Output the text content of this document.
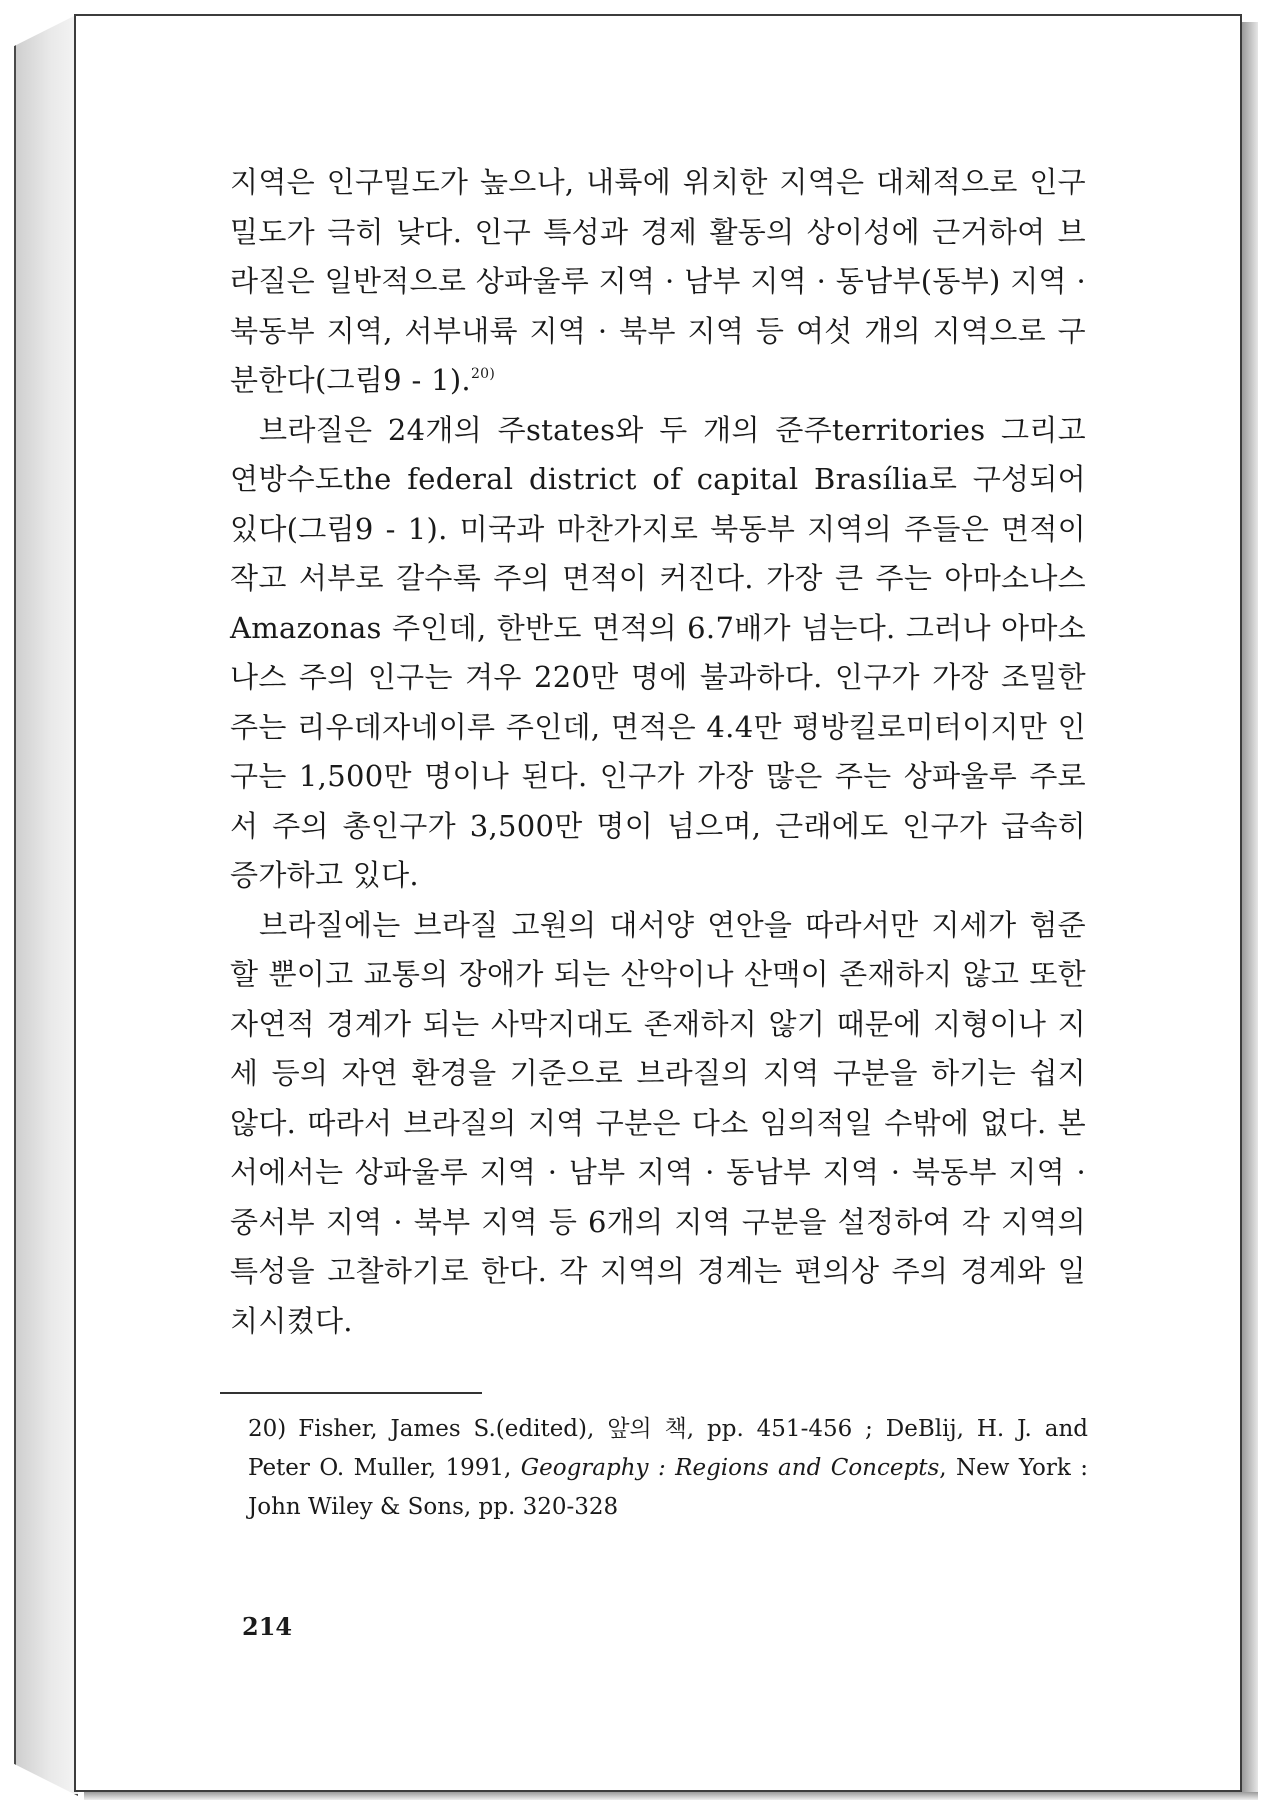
지역은 인구밀도가 높으나, 내륙에 위치한 지역은 대체적으로 인구밀도가 극히 낮다. 인구 특성과 경제 활동의 상이성에 근거하여 브라질은 일반적으로 상파울루 지역 · 남부 지역 · 동남부(동부) 지역 · 북동부 지역, 서부내륙 지역 · 북부 지역 등 여섯 개의 지역으로 구분한다(그림9 - 1).$^{20)}$

브라질은 24개의 주states와 두 개의 준주territories 그리고 연방수도the federal district of capital Brasília로 구성되어 있다(그림9 - 1). 미국과 마찬가지로 북동부 지역의 주들은 면적이 작고 서부로 갈수록 주의 면적이 커진다. 가장 큰 주는 아마소나스Amazonas 주인데, 한반도 면적의 6.7배가 넘는다. 그러나 아마소나스 주의 인구는 겨우 220만 명에 불과하다. 인구가 가장 조밀한 주는 리우데자네이루 주인데, 면적은 4.4만 평방킬로미터이지만 인구는 1,500만 명이나 된다. 인구가 가장 많은 주는 상파울루 주로서 주의 총인구가 3,500만 명이 넘으며, 근래에도 인구가 급속히 증가하고 있다.

브라질에는 브라질 고원의 대서양 연안을 따라서만 지세가 험준할 뿐이고 교통의 장애가 되는 산악이나 산맥이 존재하지 않고 또한 자연적 경계가 되는 사막지대도 존재하지 않기 때문에 지형이나 지세 등의 자연 환경을 기준으로 브라질의 지역 구분을 하기는 쉽지 않다. 따라서 브라질의 지역 구분은 다소 임의적일 수밖에 없다. 본서에서는 상파울루 지역 · 남부 지역 · 동남부 지역 · 북동부 지역 · 중서부 지역 · 북부 지역 등 6개의 지역 구분을 설정하여 각 지역의 특성을 고찰하기로 한다. 각 지역의 경계는 편의상 주의 경계와 일치시켰다.

20) Fisher, James S.(edited), 앞의 책, pp. 451-456 ; DeBlij, H. J. and Peter O. Muller, 1991, Geography : Regions and Concepts, New York : John Wiley & Sons, pp. 320-328
214
